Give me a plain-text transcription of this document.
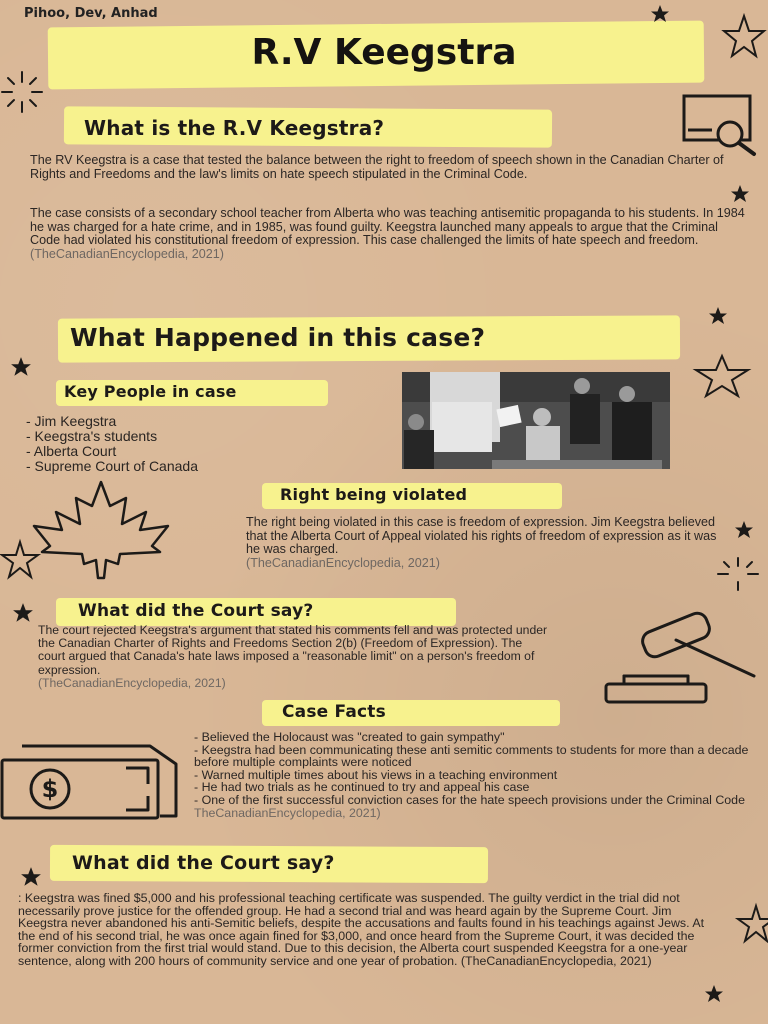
Pihoo, Dev, Anhad
R.V Keegstra
What is the R.V Keegstra?
The RV Keegstra is a case that tested the balance between the right to freedom of speech shown in the Canadian Charter of Rights and Freedoms and the law's limits on hate speech stipulated in the Criminal Code.
The case consists of a secondary school teacher from Alberta who was teaching antisemitic propaganda to his students. In 1984 he was charged for a hate crime, and in 1985, was found guilty. Keegstra launched many appeals to argue that the Criminal Code had violated his constitutional freedom of expression. This case challenged the limits of hate speech and freedom.
(TheCanadianEncyclopedia, 2021)
What Happened in this case?
Key People in case

- Jim Keegstra

- Keegstra's students

- Alberta Court

- Supreme Court of Canada

Right being violated
The right being violated in this case is freedom of expression. Jim Keegstra believed that the Alberta Court of Appeal violated his rights of freedom of expression as it was he was charged.
(TheCanadianEncyclopedia, 2021)
What did the Court say?
The court rejected Keegstra's argument that stated his comments fell and was protected under the Canadian Charter of Rights and Freedoms Section 2(b) (Freedom of Expression). The court argued that Canada's hate laws imposed a "reasonable limit" on a person's freedom of expression.
(TheCanadianEncyclopedia, 2021)
Case Facts
- Believed the Holocaust was "created to gain sympathy"
- Keegstra had been communicating these anti semitic comments to students for more than a decade before multiple complaints were noticed
- Warned multiple times about his views in a teaching environment
- He had two trials as he continued to try and appeal his case
- One of the first successful conviction cases for the hate speech provisions under the Criminal Code
TheCanadianEncyclopedia, 2021)
What did the Court say?
: Keegstra was fined $5,000 and his professional teaching certificate was suspended. The guilty verdict in the trial did not necessarily prove justice for the offended group. He had a second trial and was heard again by the Supreme Court. Jim Keegstra never abandoned his anti-Semitic beliefs, despite the accusations and faults found in his teachings against Jews. At the end of his second trial, he was once again fined for $3,000, and once heard from the Supreme Court, it was decided the former conviction from the first trial would stand. Due to this decision, the Alberta court suspended Keegstra for a one-year sentence, along with 200 hours of community service and one year of probation. (TheCanadianEncyclopedia, 2021)
$
